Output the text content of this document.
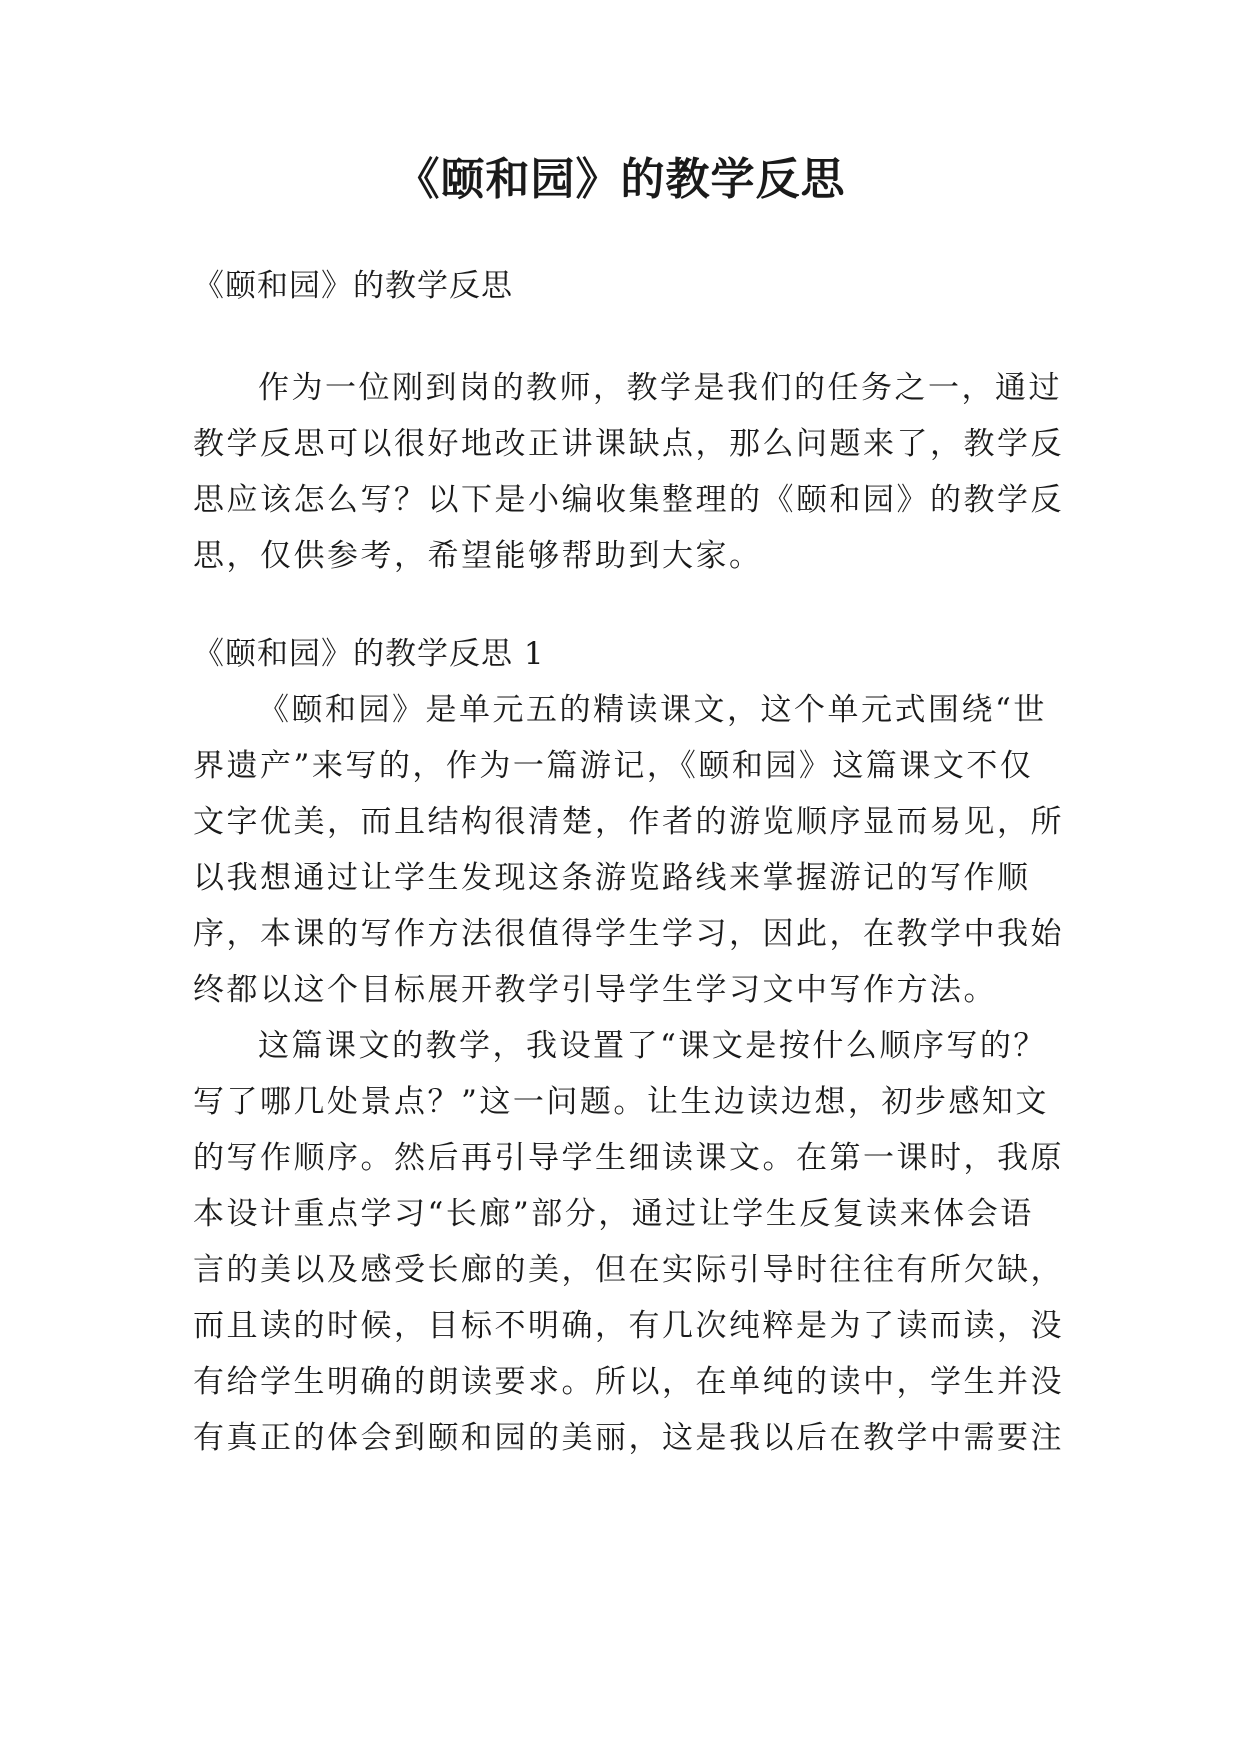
《颐和园》的教学反思
《颐和园》的教学反思
作为一位刚到岗的教师，教学是我们的任务之一，通过
教学反思可以很好地改正讲课缺点，那么问题来了，教学反
思应该怎么写？以下是小编收集整理的《颐和园》的教学反
思，仅供参考，希望能够帮助到大家。
《颐和园》的教学反思 1
《颐和园》是单元五的精读课文，这个单元式围绕“世
界遗产”来写的，作为一篇游记，《颐和园》这篇课文不仅
文字优美，而且结构很清楚，作者的游览顺序显而易见，所
以我想通过让学生发现这条游览路线来掌握游记的写作顺
序，本课的写作方法很值得学生学习，因此，在教学中我始
终都以这个目标展开教学引导学生学习文中写作方法。
这篇课文的教学，我设置了“课文是按什么顺序写的？
写了哪几处景点？”这一问题。让生边读边想，初步感知文
的写作顺序。然后再引导学生细读课文。在第一课时，我原
本设计重点学习“长廊”部分，通过让学生反复读来体会语
言的美以及感受长廊的美，但在实际引导时往往有所欠缺，
而且读的时候，目标不明确，有几次纯粹是为了读而读，没
有给学生明确的朗读要求。所以，在单纯的读中，学生并没
有真正的体会到颐和园的美丽，这是我以后在教学中需要注
